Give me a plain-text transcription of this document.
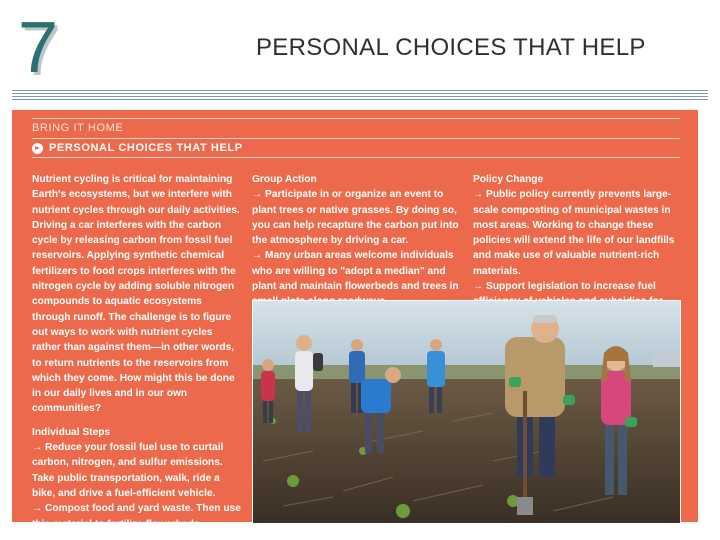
7	PERSONAL CHOICES THAT HELP
BRING IT HOME
PERSONAL CHOICES THAT HELP

Nutrient cycling is critical for maintaining Earth's ecosystems, but we interfere with nutrient cycles through our daily activities. Driving a car interferes with the carbon cycle by releasing carbon from fossil fuel reservoirs. Applying synthetic chemical fertilizers to food crops interferes with the nitrogen cycle by adding soluble nitrogen compounds to aquatic ecosystems through runoff. The challenge is to figure out ways to work with nutrient cycles rather than against them—in other words, to return nutrients to the reservoirs from which they come. How might this be done in our daily lives and in our own communities?

Individual Steps

→ Reduce your fossil fuel use to curtail carbon, nitrogen, and sulfur emissions. Take public transportation, walk, ride a bike, and drive a fuel-efficient vehicle.

→ Compost food and yard waste. Then use this material to fertilize flowerbeds

Group Action

→ Participate in or organize an event to plant trees or native grasses. By doing so, you can help recapture the carbon put into the atmosphere by driving a car.

→ Many urban areas welcome individuals who are willing to "adopt a median" and plant and maintain flowerbeds and trees in

Policy Change

→ Public policy currently prevents large-scale composting of municipal wastes in most areas. Working to change these policies will extend the life of our landfills and make use of valuable nutrient-rich materials.

→ Support legislation to increase fuel
